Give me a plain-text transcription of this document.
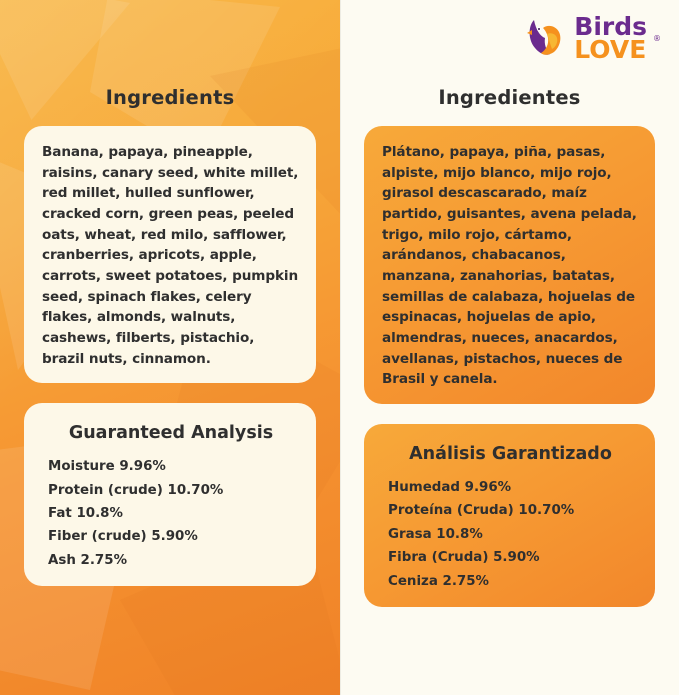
Ingredients
Banana, papaya, pineapple, raisins, canary seed, white millet, red millet, hulled sunflower, cracked corn, green peas, peeled oats, wheat, red milo, safflower, cranberries, apricots, apple, carrots, sweet potatoes, pumpkin seed, spinach flakes, celery flakes, almonds, walnuts, cashews, filberts, pistachio, brazil nuts, cinnamon.
Guaranteed Analysis
Moisture 9.96%
Protein (crude) 10.70%
Fat 10.8%
Fiber (crude) 5.90%
Ash 2.75%
Birds
LOVE ®
Ingredientes
Plátano, papaya, piña, pasas, alpiste, mijo blanco, mijo rojo, girasol descascarado, maíz partido, guisantes, avena pelada, trigo, milo rojo, cártamo, arándanos, chabacanos, manzana, zanahorias, batatas, semillas de calabaza, hojuelas de espinacas, hojuelas de apio, almendras, nueces, anacardos, avellanas, pistachos, nueces de Brasil y canela.
Análisis Garantizado
Humedad 9.96%
Proteína (Cruda) 10.70%
Grasa 10.8%
Fibra (Cruda) 5.90%
Ceniza 2.75%
